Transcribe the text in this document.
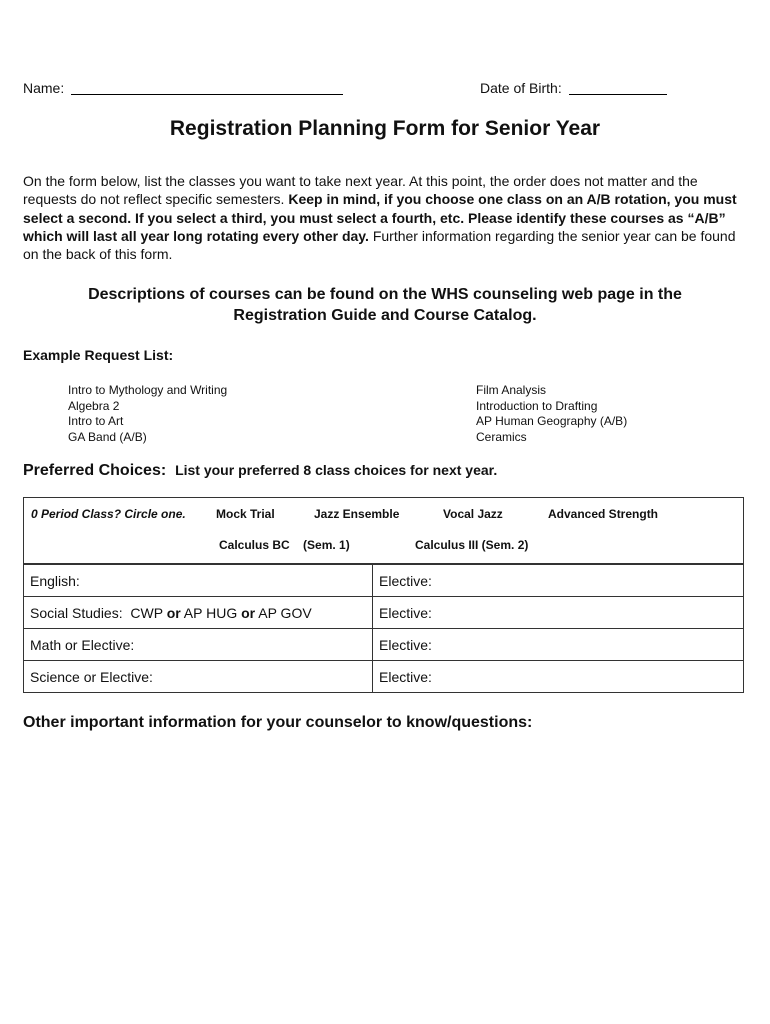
Name:	Date of Birth:
Registration Planning Form for Senior Year
On the form below, list the classes you want to take next year. At this point, the order does not matter and the requests do not reflect specific semesters. Keep in mind, if you choose one class on an A/B rotation, you must select a second. If you select a third, you must select a fourth, etc. Please identify these courses as “A/B” which will last all year long rotating every other day. Further information regarding the senior year can be found on the back of this form.
Descriptions of courses can be found on the WHS counseling web page in the
Registration Guide and Course Catalog.
Example Request List:
Intro to Mythology and Writing
Algebra 2
Intro to Art
GA Band (A/B)
Film Analysis
Introduction to Drafting
AP Human Geography (A/B)
Ceramics
Preferred Choices: List your preferred 8 class choices for next year.
0 Period Class? Circle one.	Mock Trial	Jazz Ensemble	Vocal Jazz	Advanced Strength
Calculus BC    (Sem. 1)	Calculus III (Sem. 2)
English:	Elective:
Social Studies:  CWP or AP HUG or AP GOV	Elective:
Math or Elective:	Elective:
Science or Elective:	Elective:
Other important information for your counselor to know/questions:
